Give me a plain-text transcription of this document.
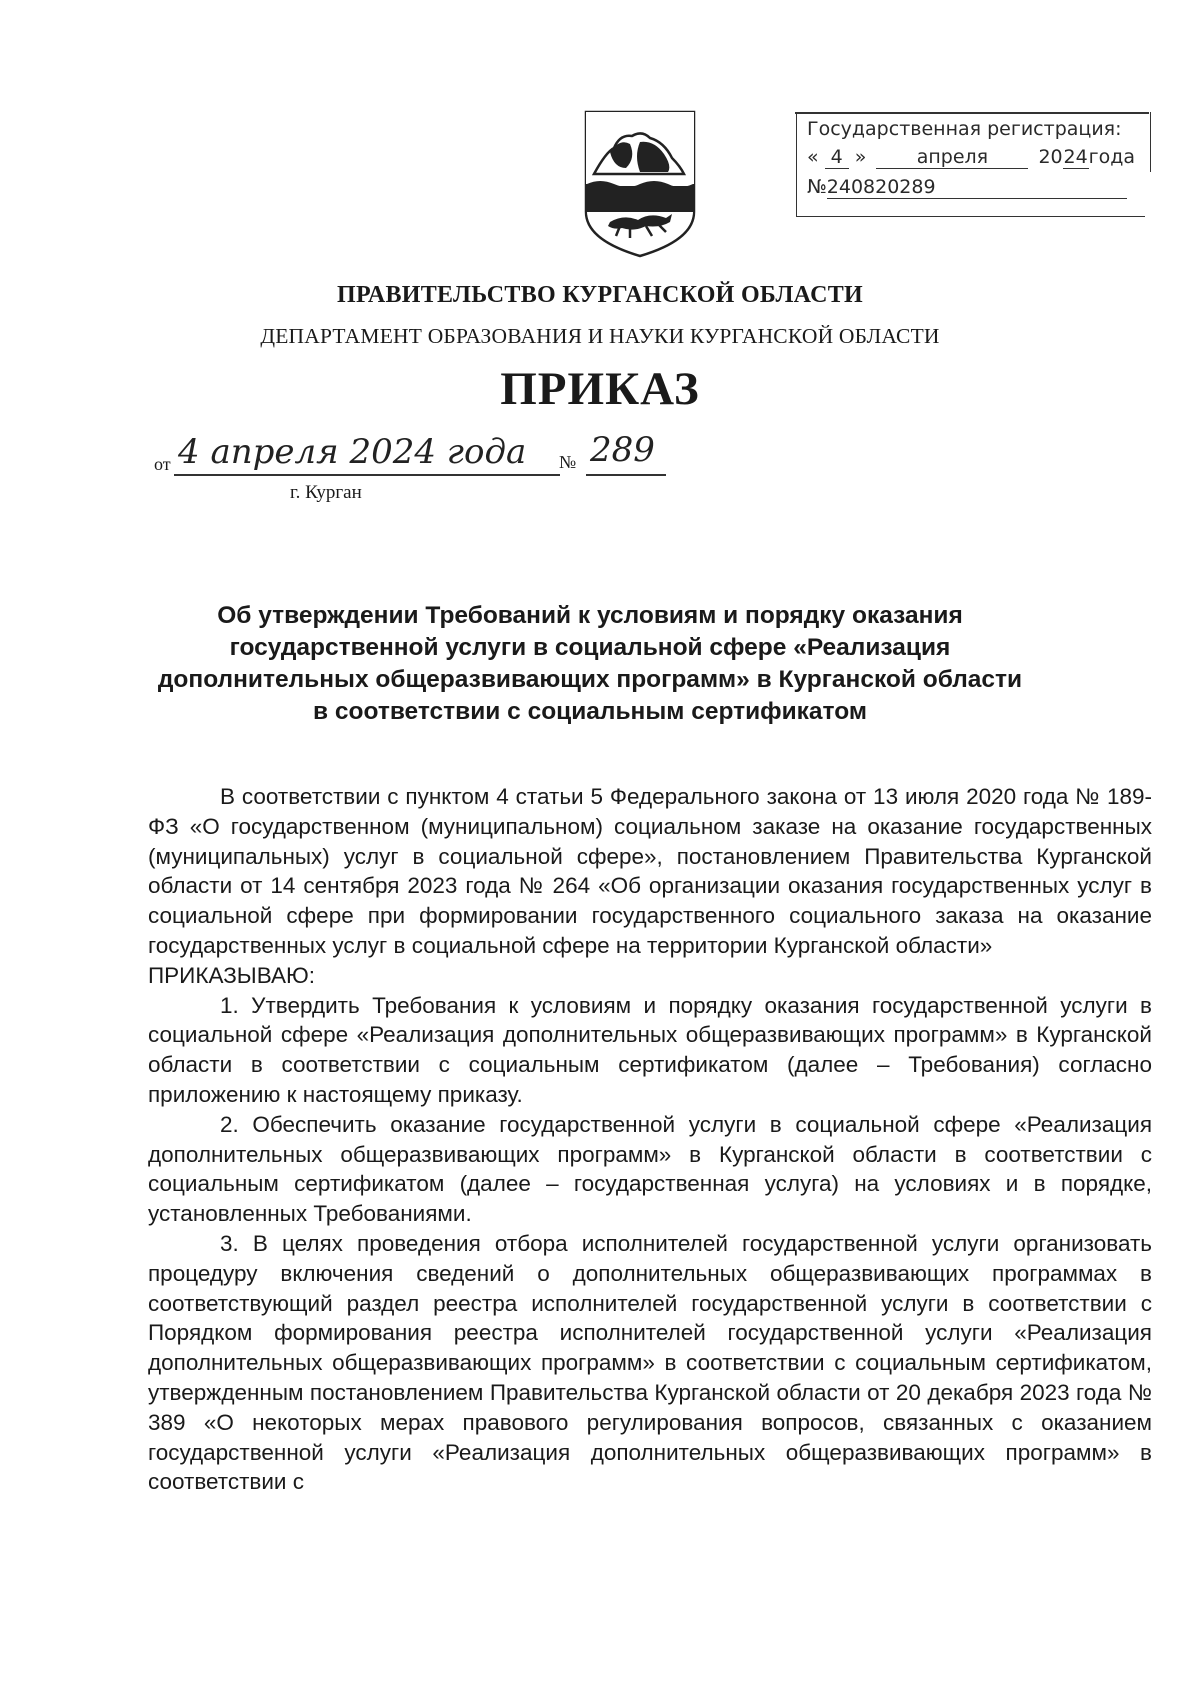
Государственная регистрация:
« 4 »	апреля	2024года
№240820289
ПРАВИТЕЛЬСТВО КУРГАНСКОЙ ОБЛАСТИ
ДЕПАРТАМЕНТ ОБРАЗОВАНИЯ И НАУКИ КУРГАНСКОЙ ОБЛАСТИ
ПРИКАЗ
от 4 апреля 2024 года № 289
г. Курган
Об утверждении Требований к условиям и порядку оказания
государственной услуги в социальной сфере «Реализация
дополнительных общеразвивающих программ» в Курганской области
в соответствии с социальным сертификатом

В соответствии с пунктом 4 статьи 5 Федерального закона от 13 июля 2020 года № 189-ФЗ «О государственном (муниципальном) социальном заказе на оказание государственных (муниципальных) услуг в социальной сфере», постановлением Правительства Курганской области от 14 сентября 2023 года № 264 «Об организации оказания государственных услуг в социальной сфере при формировании государственного социального заказа на оказание государственных услуг в социальной сфере на территории Курганской области»

ПРИКАЗЫВАЮ:

1. Утвердить Требования к условиям и порядку оказания государственной услуги в социальной сфере «Реализация дополнительных общеразвивающих программ» в Курганской области в соответствии с социальным сертификатом (далее – Требования) согласно приложению к настоящему приказу.

2. Обеспечить оказание государственной услуги в социальной сфере «Реализация дополнительных общеразвивающих программ» в Курганской области в соответствии с социальным сертификатом (далее – государственная услуга) на условиях и в порядке, установленных Требованиями.

3. В целях проведения отбора исполнителей государственной услуги организовать процедуру включения сведений о дополнительных общеразвивающих программах в соответствующий раздел реестра исполнителей государственной услуги в соответствии с Порядком формирования реестра исполнителей государственной услуги «Реализация дополнительных общеразвивающих программ» в соответствии с социальным сертификатом, утвержденным постановлением Правительства Курганской области от 20 декабря 2023 года № 389 «О некоторых мерах правового регулирования вопросов, связанных с оказанием государственной услуги «Реализация дополнительных общеразвивающих программ» в соответствии с
